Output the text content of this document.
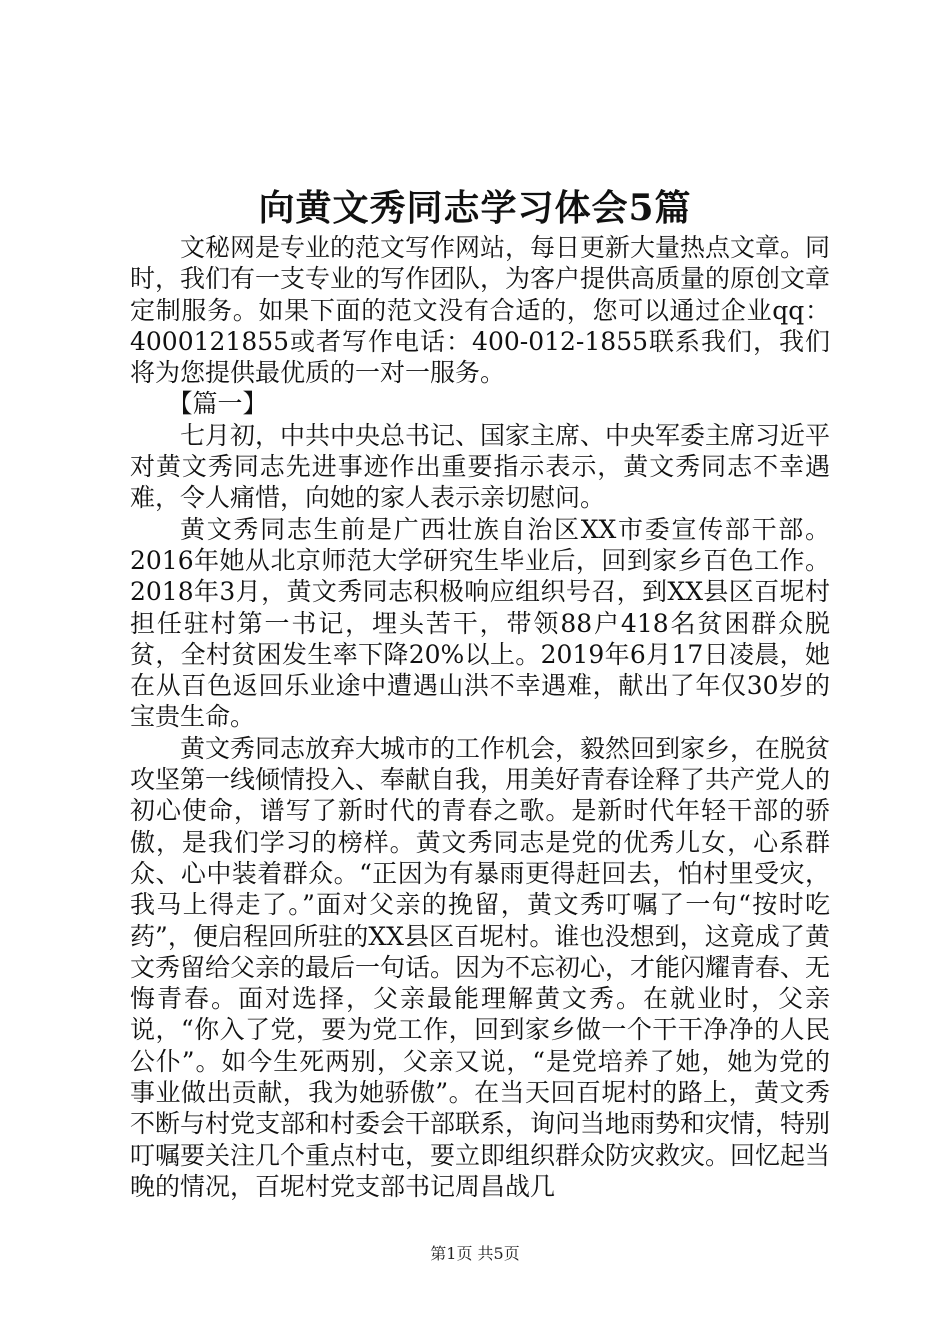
向黄文秀同志学习体会5篇

文秘网是专业的范文写作网站，每日更新大量热点文章。同时，我们有一支专业的写作团队，为客户提供高质量的原创文章定制服务。如果下面的范文没有合适的，您可以通过企业qq：4000121855或者写作电话：400-012-1855联系我们，我们将为您提供最优质的一对一服务。

【篇一】

七月初，中共中央总书记、国家主席、中央军委主席习近平对黄文秀同志先进事迹作出重要指示表示，黄文秀同志不幸遇难，令人痛惜，向她的家人表示亲切慰问。

黄文秀同志生前是广西壮族自治区XX市委宣传部干部。2016年她从北京师范大学研究生毕业后，回到家乡百色工作。2018年3月，黄文秀同志积极响应组织号召，到XX县区百坭村担任驻村第一书记，埋头苦干，带领88户418名贫困群众脱贫，全村贫困发生率下降20%以上。2019年6月17日凌晨，她在从百色返回乐业途中遭遇山洪不幸遇难，献出了年仅30岁的宝贵生命。

黄文秀同志放弃大城市的工作机会，毅然回到家乡，在脱贫攻坚第一线倾情投入、奉献自我，用美好青春诠释了共产党人的初心使命，谱写了新时代的青春之歌。是新时代年轻干部的骄傲，是我们学习的榜样。黄文秀同志是党的优秀儿女，心系群众、心中装着群众。“正因为有暴雨更得赶回去，怕村里受灾，我马上得走了。”面对父亲的挽留，黄文秀叮嘱了一句“按时吃药”，便启程回所驻的XX县区百坭村。谁也没想到，这竟成了黄文秀留给父亲的最后一句话。因为不忘初心，才能闪耀青春、无悔青春。面对选择，父亲最能理解黄文秀。在就业时，父亲说，“你入了党，要为党工作，回到家乡做一个干干净净的人民公仆”。如今生死两别，父亲又说，“是党培养了她，她为党的事业做出贡献，我为她骄傲”。在当天回百坭村的路上，黄文秀不断与村党支部和村委会干部联系，询问当地雨势和灾情，特别叮嘱要关注几个重点村屯，要立即组织群众防灾救灾。回忆起当晚的情况，百坭村党支部书记周昌战几

第1页 共5页
